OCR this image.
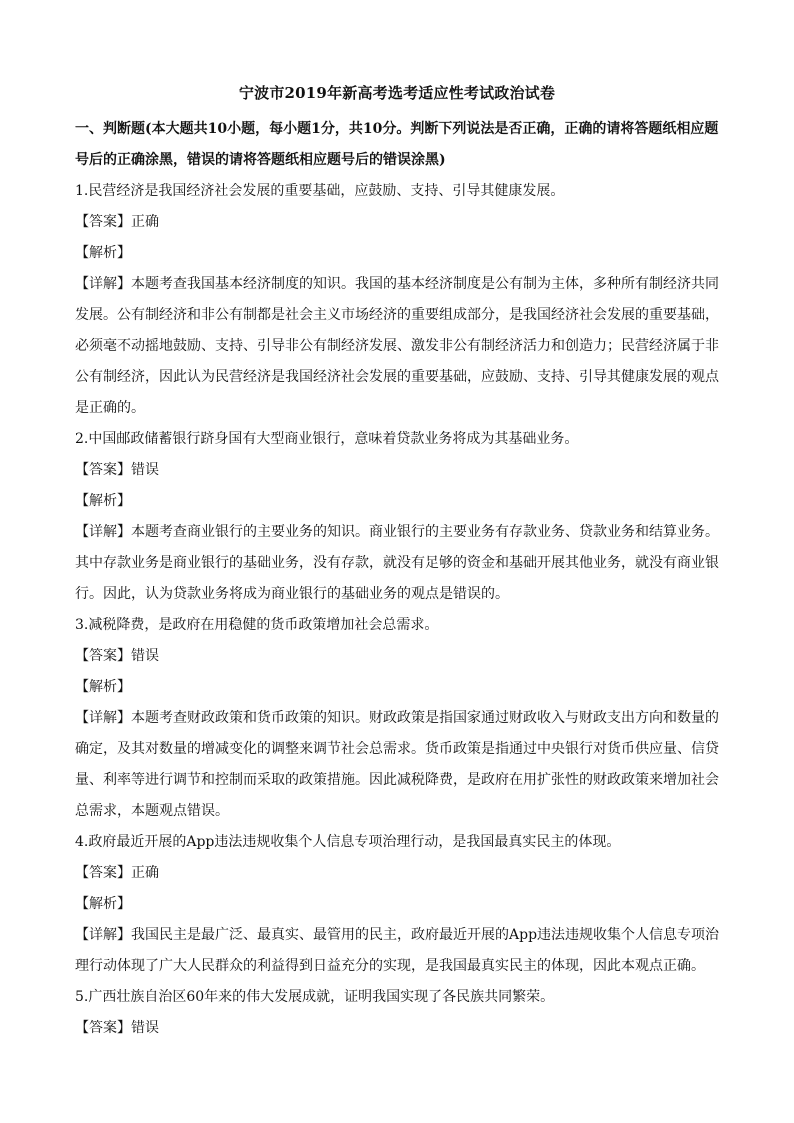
宁波市2019年新高考选考适应性考试政治试卷
一、判断题(本大题共10小题，每小题1分，共10分。判断下列说法是否正确，正确的请将答题纸相应题
号后的正确涂黑，错误的请将答题纸相应题号后的错误涂黑)
1.民营经济是我国经济社会发展的重要基础，应鼓励、支持、引导其健康发展。
【答案】正确
【解析】
【详解】本题考查我国基本经济制度的知识。我国的基本经济制度是公有制为主体，多种所有制经济共同
发展。公有制经济和非公有制都是社会主义市场经济的重要组成部分，是我国经济社会发展的重要基础，
必须毫不动摇地鼓励、支持、引导非公有制经济发展、激发非公有制经济活力和创造力；民营经济属于非
公有制经济，因此认为民营经济是我国经济社会发展的重要基础，应鼓励、支持、引导其健康发展的观点
是正确的。
2.中国邮政储蓄银行跻身国有大型商业银行，意味着贷款业务将成为其基础业务。
【答案】错误
【解析】
【详解】本题考查商业银行的主要业务的知识。商业银行的主要业务有存款业务、贷款业务和结算业务。
其中存款业务是商业银行的基础业务，没有存款，就没有足够的资金和基础开展其他业务，就没有商业银
行。因此，认为贷款业务将成为商业银行的基础业务的观点是错误的。
3.减税降费，是政府在用稳健的货币政策增加社会总需求。
【答案】错误
【解析】
【详解】本题考查财政政策和货币政策的知识。财政政策是指国家通过财政收入与财政支出方向和数量的
确定，及其对数量的增减变化的调整来调节社会总需求。货币政策是指通过中央银行对货币供应量、信贷
量、利率等进行调节和控制而采取的政策措施。因此减税降费，是政府在用扩张性的财政政策来增加社会
总需求，本题观点错误。
4.政府最近开展的App违法违规收集个人信息专项治理行动，是我国最真实民主的体现。
【答案】正确
【解析】
【详解】我国民主是最广泛、最真实、最管用的民主，政府最近开展的App违法违规收集个人信息专项治
理行动体现了广大人民群众的利益得到日益充分的实现，是我国最真实民主的体现，因此本观点正确。
5.广西壮族自治区60年来的伟大发展成就，证明我国实现了各民族共同繁荣。
【答案】错误
